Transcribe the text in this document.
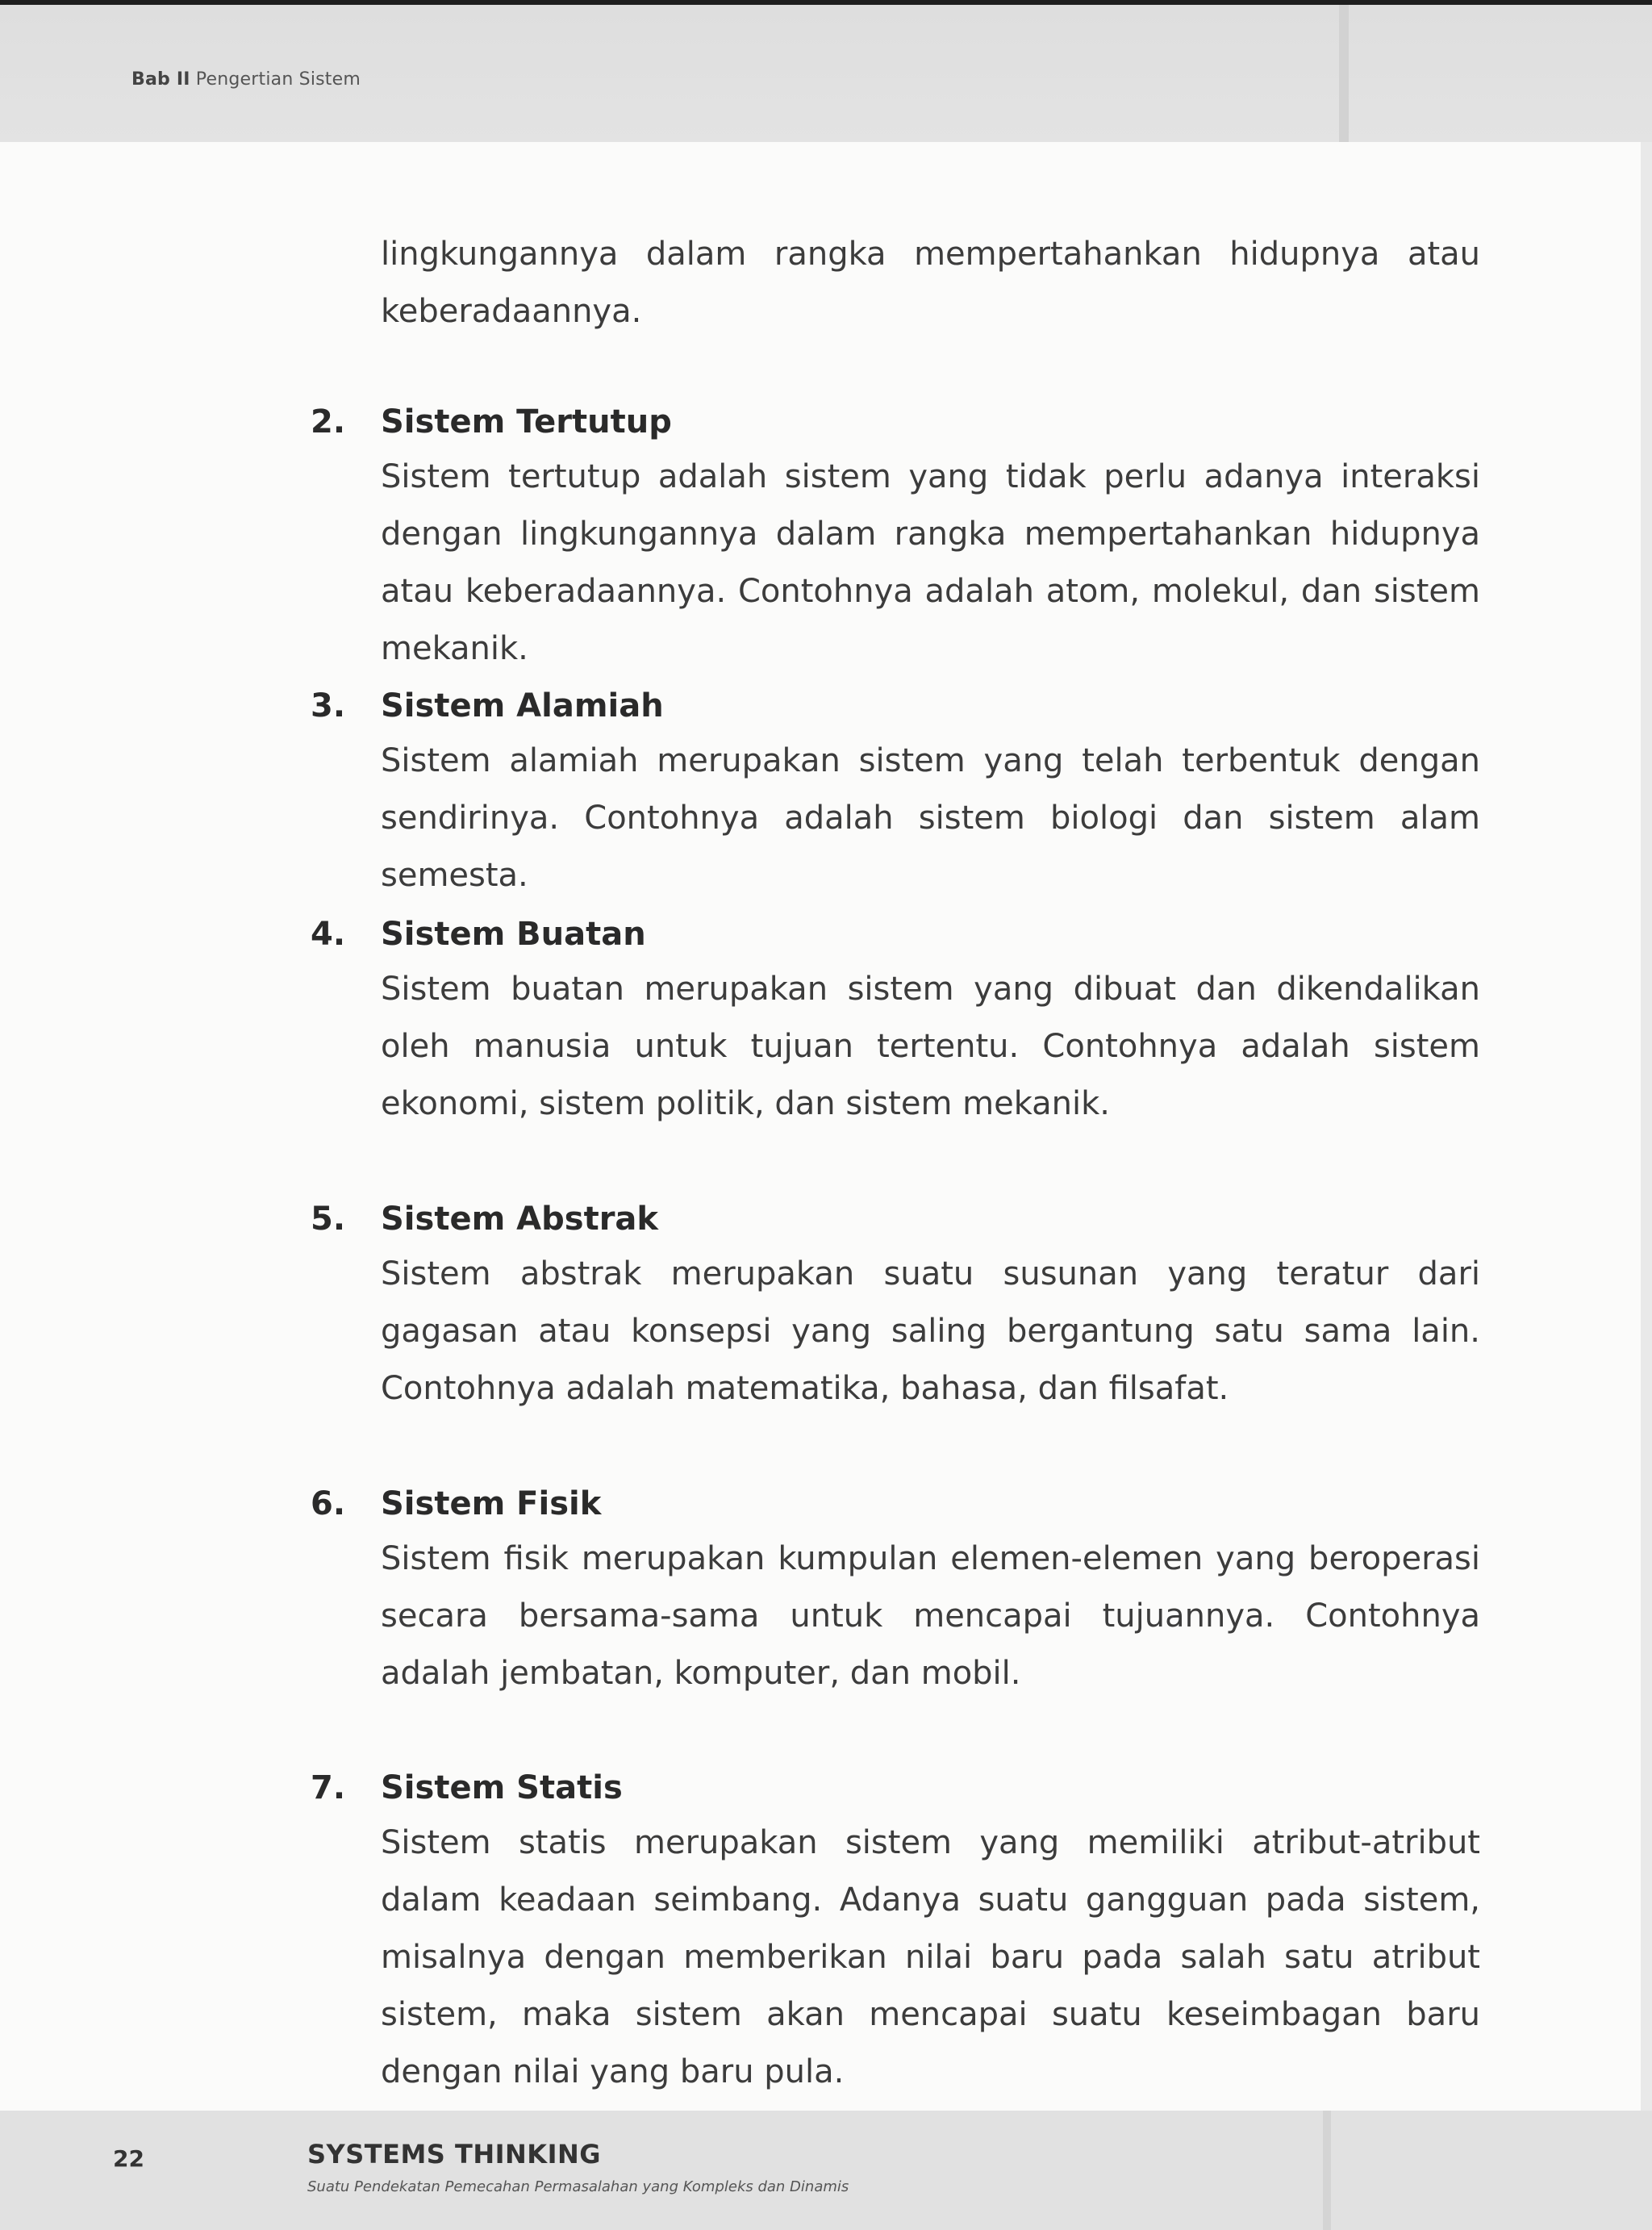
Bab II Pengertian Sistem
lingkungannya dalam rangka mempertahankan hidupnya atau keberadaannya.
2. Sistem Tertutup
Sistem tertutup adalah sistem yang tidak perlu adanya interaksi dengan lingkungannya dalam rangka mempertahankan hidupnya atau keberadaannya. Contohnya adalah atom, molekul, dan sistem mekanik.
3. Sistem Alamiah
Sistem alamiah merupakan sistem yang telah terbentuk dengan sendirinya. Contohnya adalah sistem biologi dan sistem alam semesta.
4. Sistem Buatan
Sistem buatan merupakan sistem yang dibuat dan dikendalikan oleh manusia untuk tujuan tertentu. Contohnya adalah sistem ekonomi, sistem politik, dan sistem mekanik.
5. Sistem Abstrak
Sistem abstrak merupakan suatu susunan yang teratur dari gagasan atau konsepsi yang saling bergantung satu sama lain. Contohnya adalah matematika, bahasa, dan filsafat.
6. Sistem Fisik
Sistem fisik merupakan kumpulan elemen-elemen yang beroperasi secara bersama-sama untuk mencapai tujuannya. Contohnya adalah jembatan, komputer, dan mobil.
7. Sistem Statis
Sistem statis merupakan sistem yang memiliki atribut-atribut dalam keadaan seimbang. Adanya suatu gangguan pada sistem, misalnya dengan memberikan nilai baru pada salah satu atribut sistem, maka sistem akan mencapai suatu keseimbagan baru dengan nilai yang baru pula.
22	SYSTEMS THINKING
Suatu Pendekatan Pemecahan Permasalahan yang Kompleks dan Dinamis
